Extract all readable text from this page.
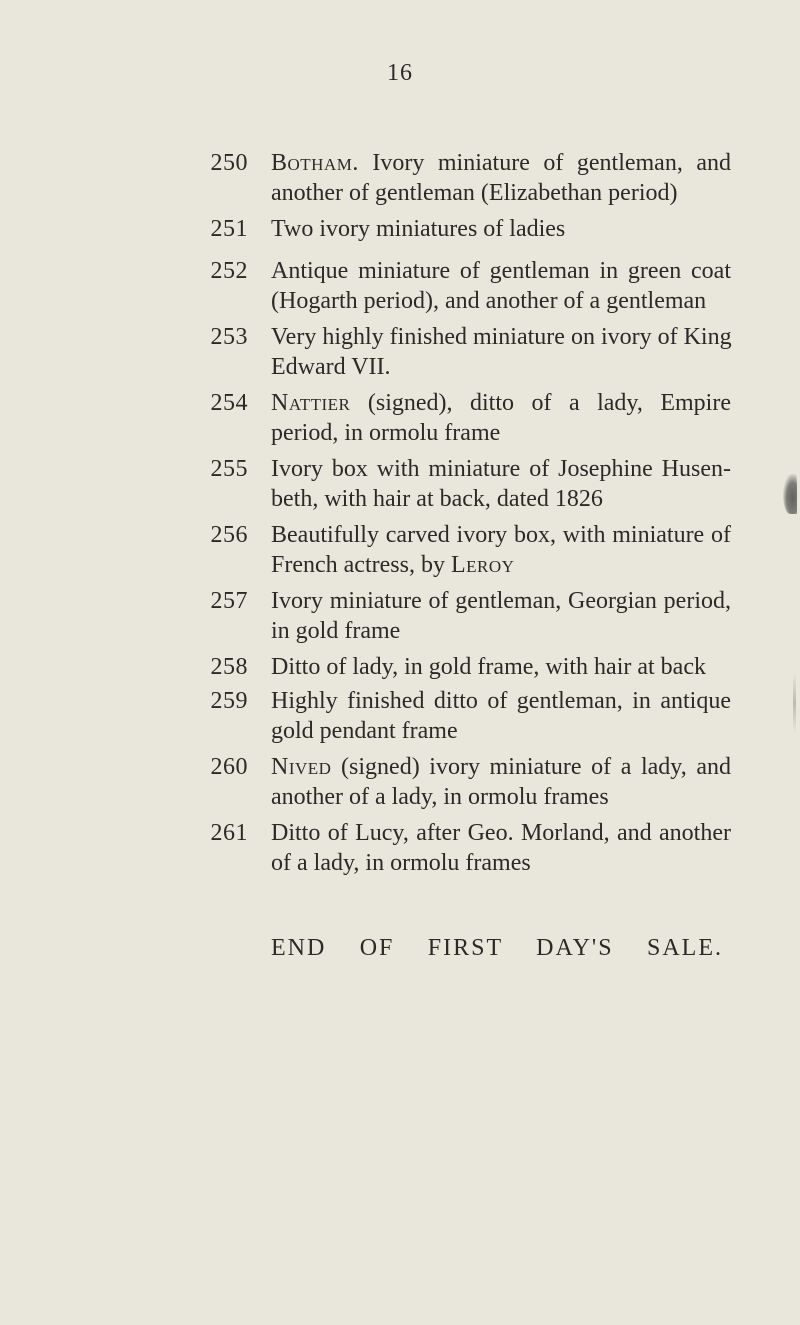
16
250 Botham. Ivory miniature of gentleman, and
another of gentleman (Elizabethan period)
251 Two ivory miniatures of ladies
252 Antique miniature of gentleman in green coat
(Hogarth period), and another of a gentleman
253 Very highly finished miniature on ivory of King
Edward VII.
254 Nattier (signed), ditto of a lady, Empire
period, in ormolu frame
255 Ivory box with miniature of Josephine Husen-
beth, with hair at back, dated 1826
256 Beautifully carved ivory box, with miniature of
French actress, by Leroy
257 Ivory miniature of gentleman, Georgian period,
in gold frame
258 Ditto of lady, in gold frame, with hair at back
259 Highly finished ditto of gentleman, in antique
gold pendant frame
260 Nived (signed) ivory miniature of a lady, and
another of a lady, in ormolu frames
261 Ditto of Lucy, after Geo. Morland, and another
of a lady, in ormolu frames
END OF FIRST DAY'S SALE.
